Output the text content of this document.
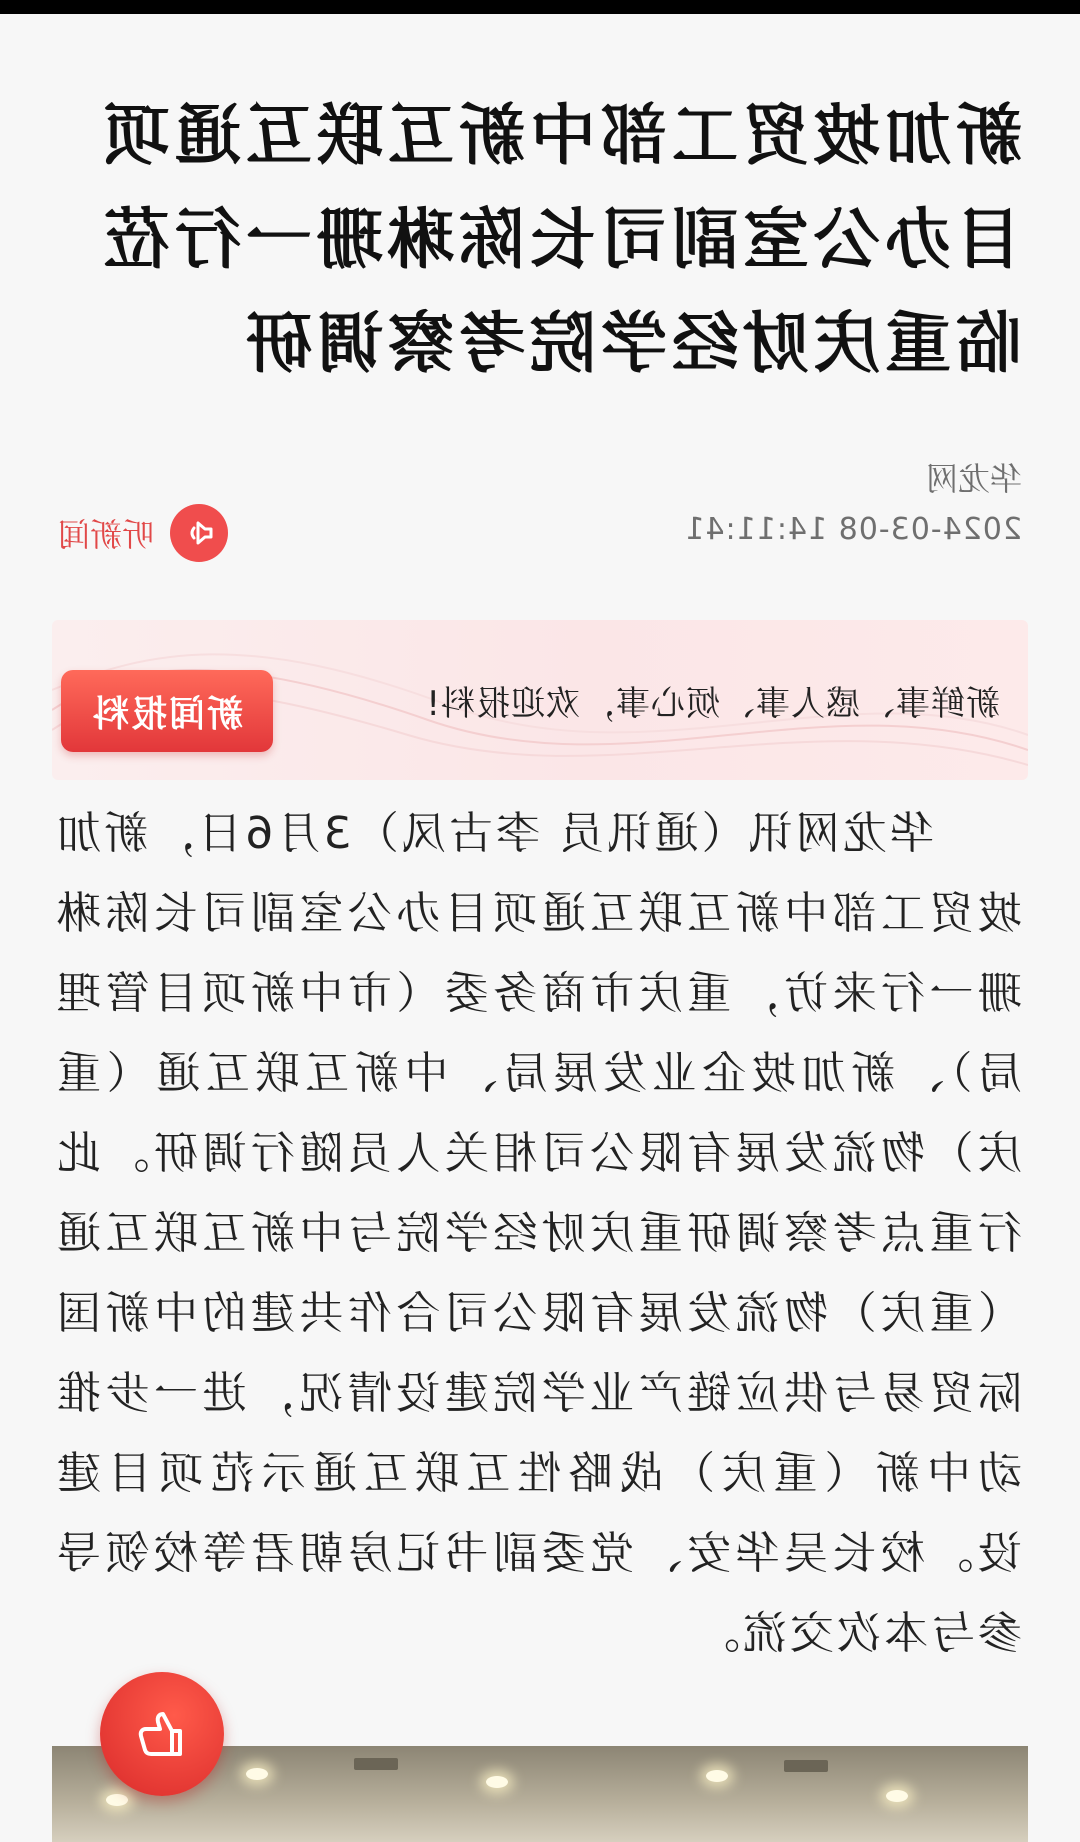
新加坡贸工部中新互联互通项目办公室副司长陈琳珊一行莅临重庆财经学院考察调研
华龙网
2024-03-08 14:11:41
听新闻
新鲜事、感人事、烦心事，欢迎报料!
新闻报料

华龙网讯（通讯员 李古凤）3月6日，新加坡贸工部中新互联互通项目办公室副司长陈琳珊一行来访，重庆市商务委（市中新项目管理局）、新加坡企业发展局、中新互联互通（重庆）物流发展有限公司相关人员随行调研。此行重点考察调研重庆财经学院与中新互联互通（重庆）物流发展有限公司合作共建的中新国际贸易与供应链产业学院建设情况，进一步推动中新（重庆）战略性互联互通示范项目建设。校长吴华安、党委副书记房朝君等校领导参与本次交流。
